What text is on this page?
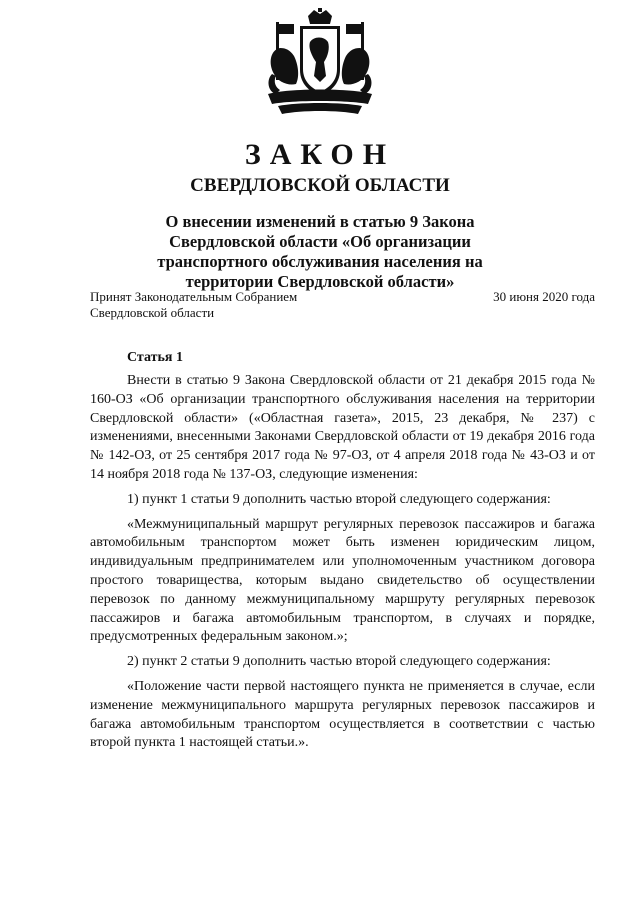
ЗАКОН
СВЕРДЛОВСКОЙ ОБЛАСТИ
О внесении изменений в статью 9 Закона Свердловской области «Об организации транспортного обслуживания населения на территории Свердловской области»
Принят Законодательным Собранием
Свердловской области
30 июня 2020 года
Статья 1

Внести в статью 9 Закона Свердловской области от 21 декабря 2015 года № 160-ОЗ «Об организации транспортного обслуживания населения на территории Свердловской области» («Областная газета», 2015, 23 декабря, № 237) с изменениями, внесенными Законами Свердловской области от 19 декабря 2016 года № 142-ОЗ, от 25 сентября 2017 года № 97-ОЗ, от 4 апреля 2018 года № 43-ОЗ и от 14 ноября 2018 года № 137-ОЗ, следующие изменения:

1) пункт 1 статьи 9 дополнить частью второй следующего содержания:

«Межмуниципальный маршрут регулярных перевозок пассажиров и багажа автомобильным транспортом может быть изменен юридическим лицом, индивидуальным предпринимателем или уполномоченным участником договора простого товарищества, которым выдано свидетельство об осуществлении перевозок по данному межмуниципальному маршруту регулярных перевозок пассажиров и багажа автомобильным транспортом, в случаях и порядке, предусмотренных федеральным законом.»;

2) пункт 2 статьи 9 дополнить частью второй следующего содержания:

«Положение части первой настоящего пункта не применяется в случае, если изменение межмуниципального маршрута регулярных перевозок пассажиров и багажа автомобильным транспортом осуществляется в соответствии с частью второй пункта 1 настоящей статьи.».
